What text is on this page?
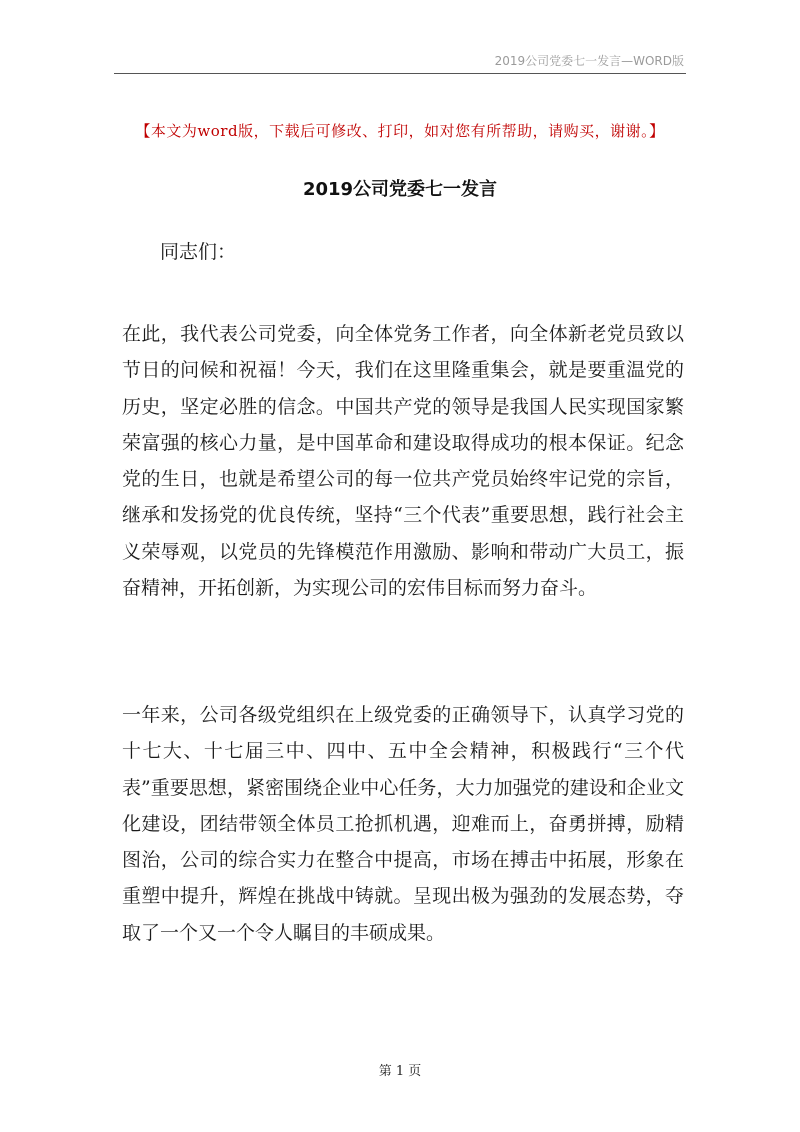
2019公司党委七一发言—WORD版
【本文为word版，下载后可修改、打印，如对您有所帮助，请购买，谢谢。】
2019公司党委七一发言
同志们：
在此，我代表公司党委，向全体党务工作者，向全体新老党员致以节日的问候和祝福！今天，我们在这里隆重集会，就是要重温党的历史，坚定必胜的信念。中国共产党的领导是我国人民实现国家繁荣富强的核心力量，是中国革命和建设取得成功的根本保证。纪念党的生日，也就是希望公司的每一位共产党员始终牢记党的宗旨，继承和发扬党的优良传统，坚持“三个代表”重要思想，践行社会主义荣辱观，以党员的先锋模范作用激励、影响和带动广大员工，振奋精神，开拓创新，为实现公司的宏伟目标而努力奋斗。
一年来，公司各级党组织在上级党委的正确领导下，认真学习党的十七大、十七届三中、四中、五中全会精神，积极践行“三个代表”重要思想，紧密围绕企业中心任务，大力加强党的建设和企业文化建设，团结带领全体员工抢抓机遇，迎难而上，奋勇拼搏，励精图治，公司的综合实力在整合中提高，市场在搏击中拓展，形象在重塑中提升，辉煌在挑战中铸就。呈现出极为强劲的发展态势，夺取了一个又一个令人瞩目的丰硕成果。
第 1 页
